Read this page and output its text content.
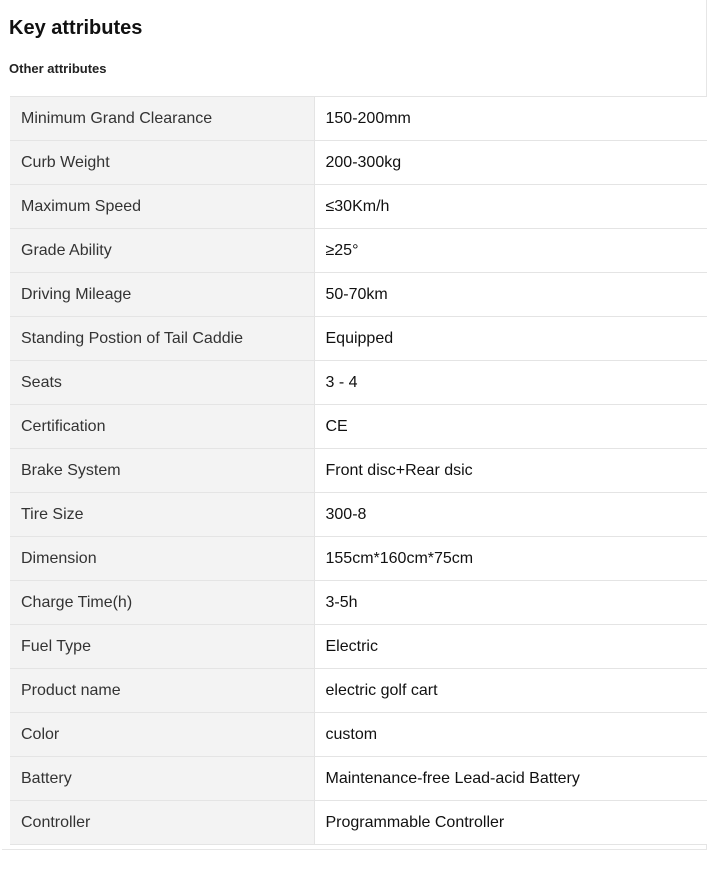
Key attributes
Other attributes
Minimum Grand Clearance	150-200mm
Curb Weight	200-300kg
Maximum Speed	≤30Km/h
Grade Ability	≥25°
Driving Mileage	50-70km
Standing Postion of Tail Caddie	Equipped
Seats	3 - 4
Certification	CE
Brake System	Front disc+Rear dsic
Tire Size	300-8
Dimension	155cm*160cm*75cm
Charge Time(h)	3-5h
Fuel Type	Electric
Product name	electric golf cart
Color	custom
Battery	Maintenance-free Lead-acid Battery
Controller	Programmable Controller
